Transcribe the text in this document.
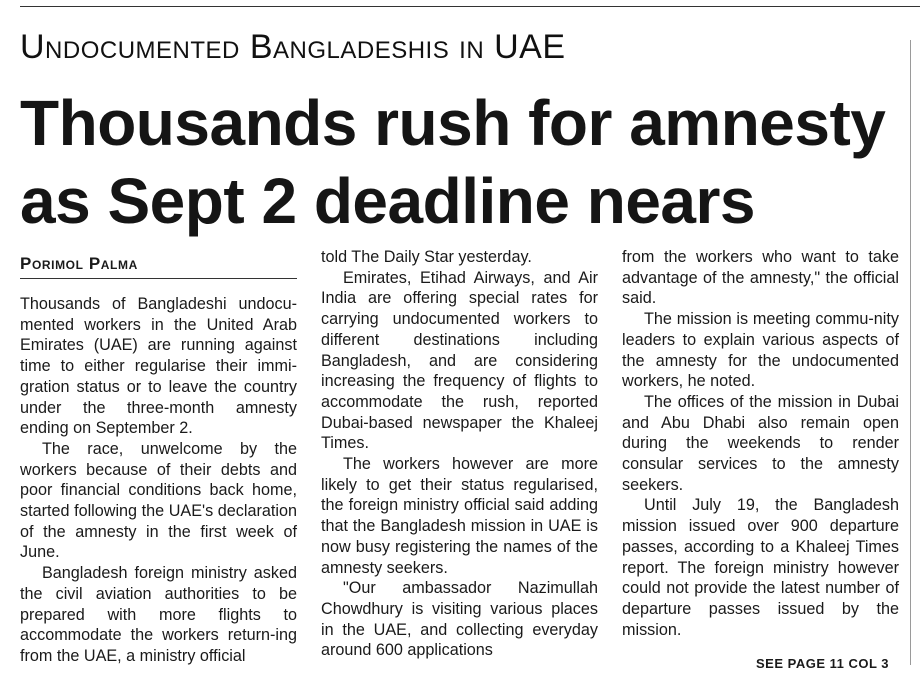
Undocumented Bangladeshis in UAE
Thousands rush for amnesty
as Sept 2 deadline nears
Porimol Palma

Thousands of Bangladeshi undocu-mented workers in the United Arab Emirates (UAE) are running against time to either regularise their immi-gration status or to leave the country under the three-month amnesty ending on September 2.

The race, unwelcome by the workers because of their debts and poor financial conditions back home, started following the UAE's declaration of the amnesty in the first week of June.

Bangladesh foreign ministry asked the civil aviation authorities to be prepared with more flights to accommodate the workers return-ing from the UAE, a ministry official

told The Daily Star yesterday.

Emirates, Etihad Airways, and Air India are offering special rates for carrying undocumented workers to different destinations including Bangladesh, and are considering increasing the frequency of flights to accommodate the rush, reported Dubai-based newspaper the Khaleej Times.

The workers however are more likely to get their status regularised, the foreign ministry official said adding that the Bangladesh mission in UAE is now busy registering the names of the amnesty seekers.

"Our ambassador Nazimullah Chowdhury is visiting various places in the UAE, and collecting everyday around 600 applications

from the workers who want to take advantage of the amnesty," the official said.

The mission is meeting commu-nity leaders to explain various aspects of the amnesty for the undocumented workers, he noted.

The offices of the mission in Dubai and Abu Dhabi also remain open during the weekends to render consular services to the amnesty seekers.

Until July 19, the Bangladesh mission issued over 900 departure passes, according to a Khaleej Times report. The foreign ministry however could not provide the latest number of departure passes issued by the mission.

SEE PAGE 11 COL 3
